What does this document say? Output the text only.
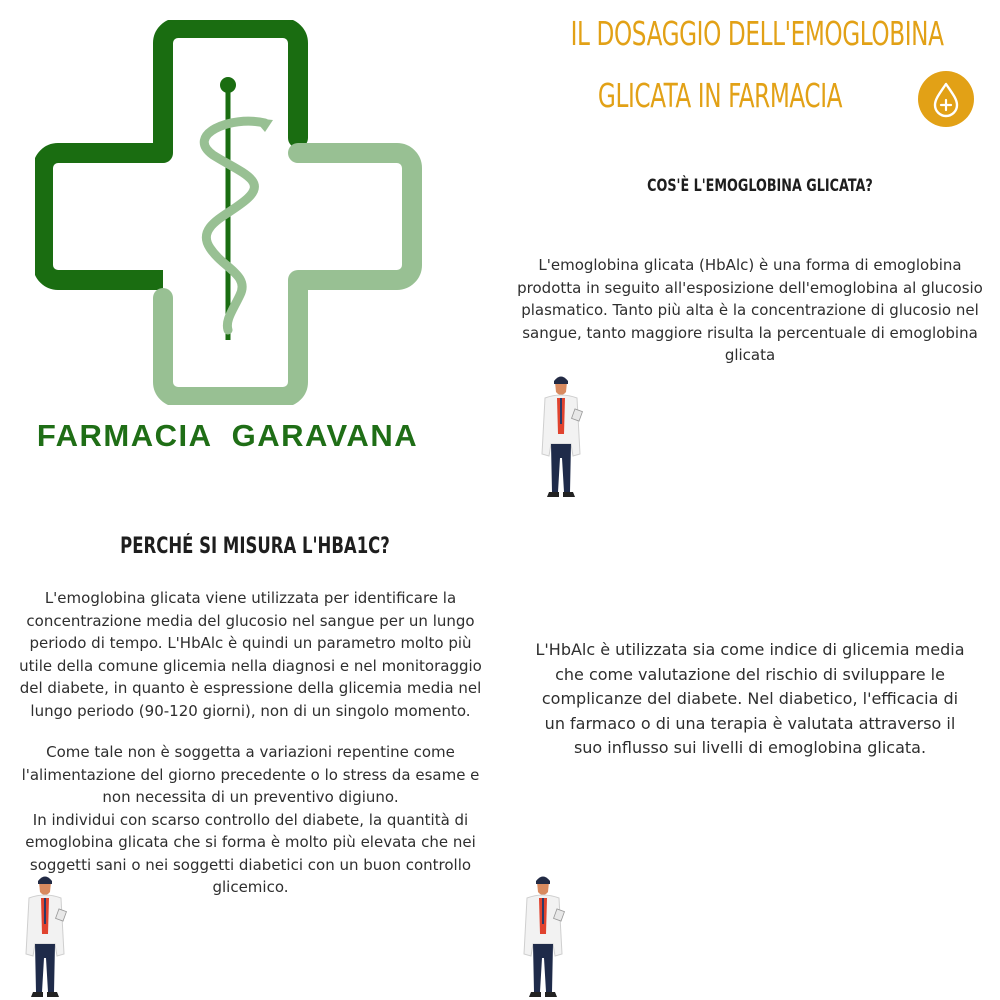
FARMACIA  GARAVANA
IL DOSAGGIO DELL'EMOGLOBINA
GLICATA IN FARMACIA
COS'È L'EMOGLOBINA GLICATA?
L'emoglobina glicata (HbAlc) è una forma di emoglobina prodotta in seguito all'esposizione dell'emoglobina al glucosio plasmatico. Tanto più alta è la concentrazione di glucosio nel sangue, tanto maggiore risulta la percentuale di emoglobina glicata
PERCHÉ SI MISURA L'HBA1C?
L'emoglobina glicata viene utilizzata per identificare la concentrazione media del glucosio nel sangue per un lungo periodo di tempo. L'HbAlc è quindi un parametro molto più utile della comune glicemia nella diagnosi e nel monitoraggio del diabete, in quanto è espressione della glicemia media nel lungo periodo (90-120 giorni), non di un singolo momento.
Come tale non è soggetta a variazioni repentine come l'alimentazione del giorno precedente o lo stress da esame e non necessita di un preventivo digiuno.
In individui con scarso controllo del diabete, la quantità di emoglobina glicata che si forma è molto più elevata che nei soggetti sani o nei soggetti diabetici con un buon controllo glicemico.
L'HbAlc è utilizzata sia come indice di glicemia media che come valutazione del rischio di sviluppare le complicanze del diabete. Nel diabetico, l'efficacia di un farmaco o di una terapia è valutata attraverso il suo influsso sui livelli di emoglobina glicata.
